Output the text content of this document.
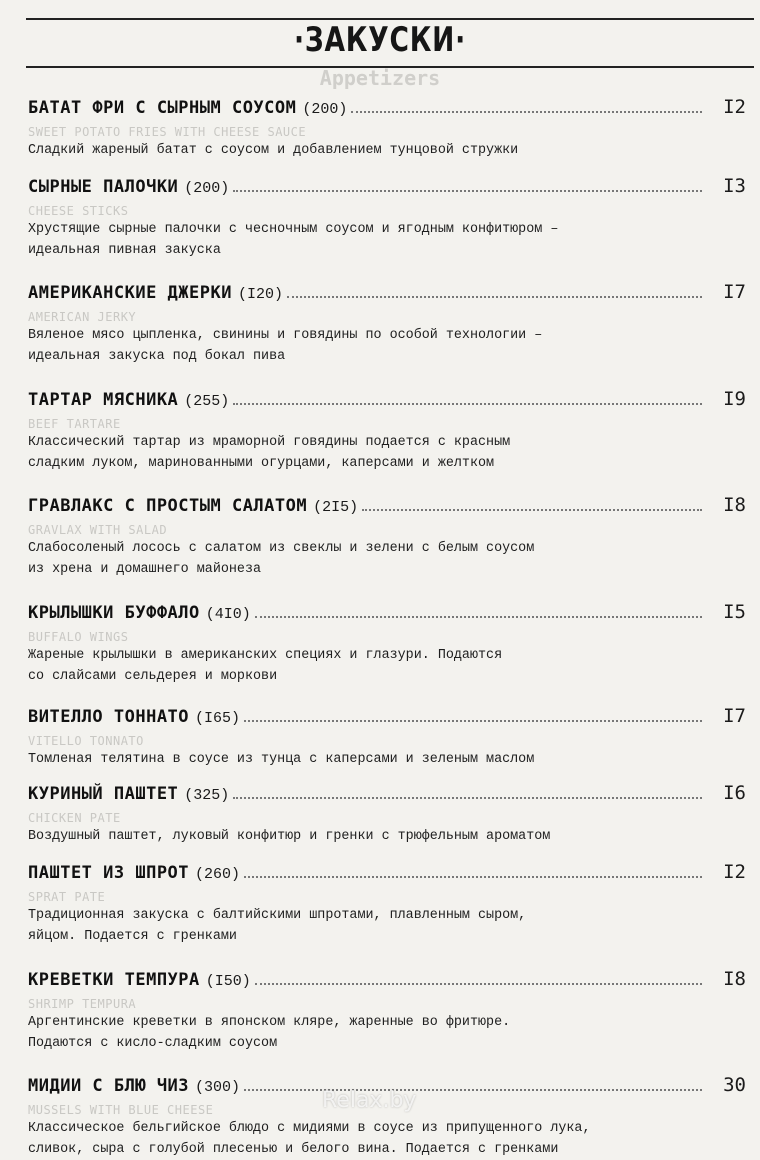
·ЗАКУСКИ·
Appetizers
БАТАТ ФРИ С СЫРНЫМ СОУСОМ (200)	I2
SWEET POTATO FRIES WITH CHEESE SAUCE
Сладкий жареный батат с соусом и добавлением тунцовой стружки
СЫРНЫЕ ПАЛОЧКИ (200)	I3
CHEESE STICKS
Хрустящие сырные палочки с чесночным соусом и ягодным конфитюром –
идеальная пивная закуска
АМЕРИКАНСКИЕ ДЖЕРКИ (I20)	I7
AMERICAN JERKY
Вяленое мясо цыпленка, свинины и говядины по особой технологии –
идеальная закуска под бокал пива
ТАРТАР МЯСНИКА (255)	I9
BEEF TARTARE
Классический тартар из мраморной говядины подается с красным
сладким луком, маринованными огурцами, каперсами и желтком
ГРАВЛАКС С ПРОСТЫМ САЛАТОМ (2I5)	I8
GRAVLAX WITH SALAD
Слабосоленый лосось с салатом из свеклы и зелени с белым соусом
из хрена и домашнего майонеза
КРЫЛЫШКИ БУФФАЛО (4I0)	I5
BUFFALO WINGS
Жареные крылышки в американских специях и глазури. Подаются
со слайсами сельдерея и моркови
ВИТЕЛЛО ТОННАТО (I65)	I7
VITELLO TONNATO
Томленая телятина в соусе из тунца с каперсами и зеленым маслом
КУРИНЫЙ ПАШТЕТ (325)	I6
CHICKEN PATE
Воздушный паштет, луковый конфитюр и гренки с трюфельным ароматом
ПАШТЕТ ИЗ ШПРОТ (260)	I2
SPRAT PATE
Традиционная закуска с балтийскими шпротами, плавленным сыром,
яйцом. Подается с гренками
КРЕВЕТКИ ТЕМПУРА (I50)	I8
SHRIMP TEMPURA
Аргентинские креветки в японском кляре, жаренные во фритюре.
Подаются с кисло-сладким соусом
МИДИИ С БЛЮ ЧИЗ (300)	30
MUSSELS WITH BLUE CHEESE
Классическое бельгийское блюдо с мидиями в соусе из припущенного лука,
сливок, сыра с голубой плесенью и белого вина. Подается с гренками
Relax.by
